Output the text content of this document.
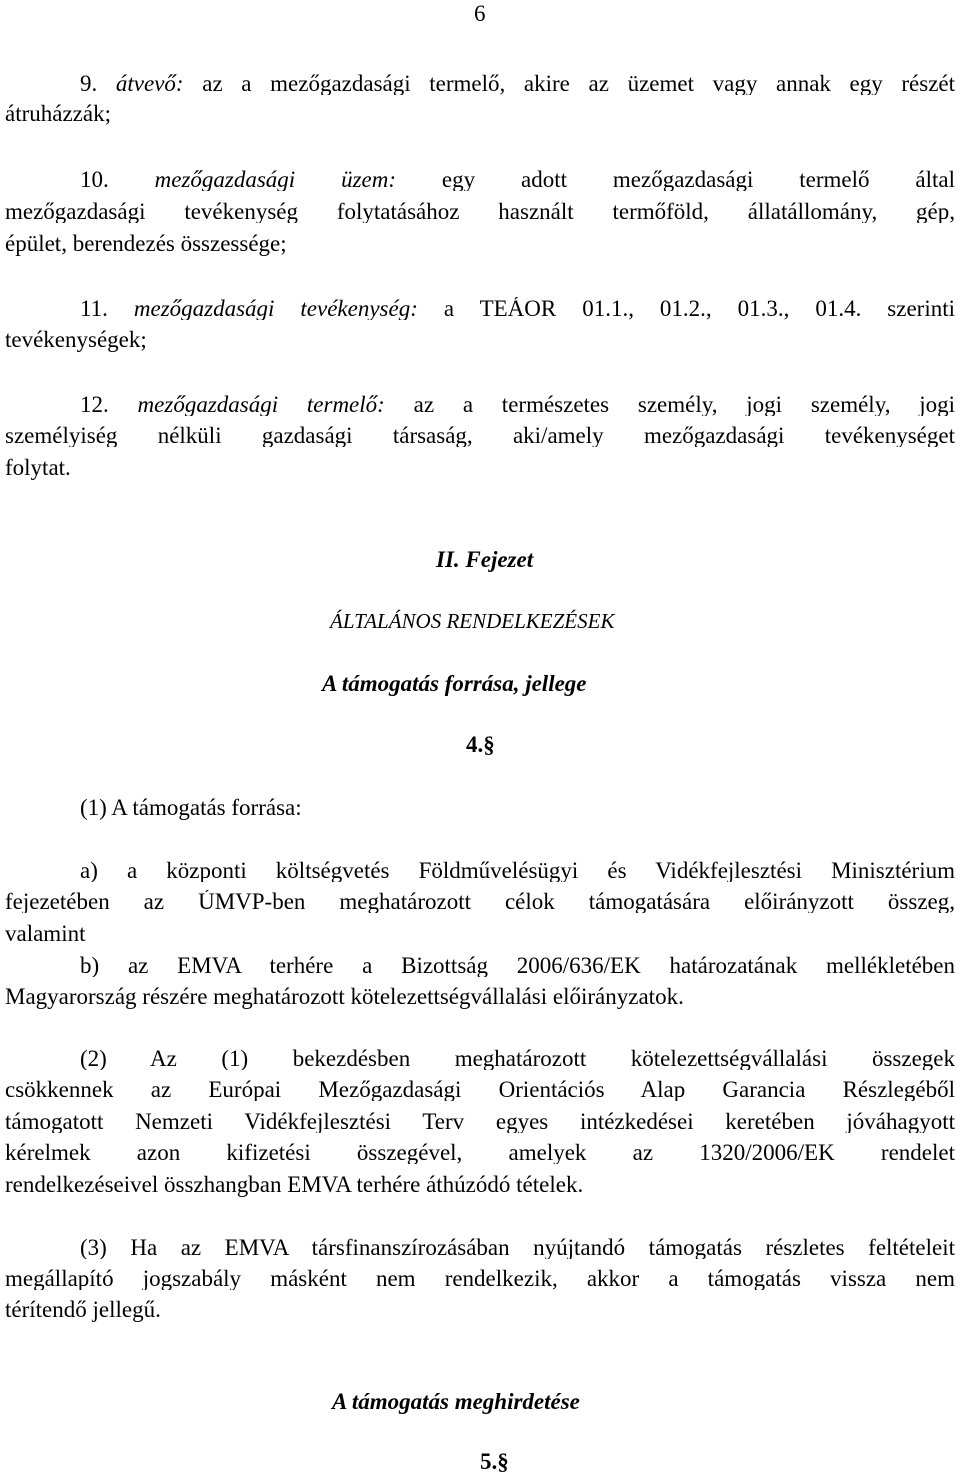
6
9. átvevő: az a mezőgazdasági termelő, akire az üzemet vagy annak egy részét
átruházzák;
10. mezőgazdasági üzem: egy adott mezőgazdasági termelő által
mezőgazdasági tevékenység folytatásához használt termőföld, állatállomány, gép,
épület, berendezés összessége;
11. mezőgazdasági tevékenység: a TEÁOR 01.1., 01.2., 01.3., 01.4. szerinti
tevékenységek;
12. mezőgazdasági termelő: az a természetes személy, jogi személy, jogi
személyiség nélküli gazdasági társaság, aki/amely mezőgazdasági tevékenységet
folytat.
II. Fejezet
ÁLTALÁNOS RENDELKEZÉSEK
A támogatás forrása, jellege
4.§
(1) A támogatás forrása:
a) a központi költségvetés Földművelésügyi és Vidékfejlesztési Minisztérium
fejezetében az ÚMVP-ben meghatározott célok támogatására előirányzott összeg,
valamint
b) az EMVA terhére a Bizottság 2006/636/EK határozatának mellékletében
Magyarország részére meghatározott kötelezettségvállalási előirányzatok.
(2) Az (1) bekezdésben meghatározott kötelezettségvállalási összegek
csökkennek az Európai Mezőgazdasági Orientációs Alap Garancia Részlegéből
támogatott Nemzeti Vidékfejlesztési Terv egyes intézkedései keretében jóváhagyott
kérelmek azon kifizetési összegével, amelyek az 1320/2006/EK rendelet
rendelkezéseivel összhangban EMVA terhére áthúzódó tételek.
(3) Ha az EMVA társfinanszírozásában nyújtandó támogatás részletes feltételeit
megállapító jogszabály másként nem rendelkezik, akkor a támogatás vissza nem
térítendő jellegű.
A támogatás meghirdetése
5.§
